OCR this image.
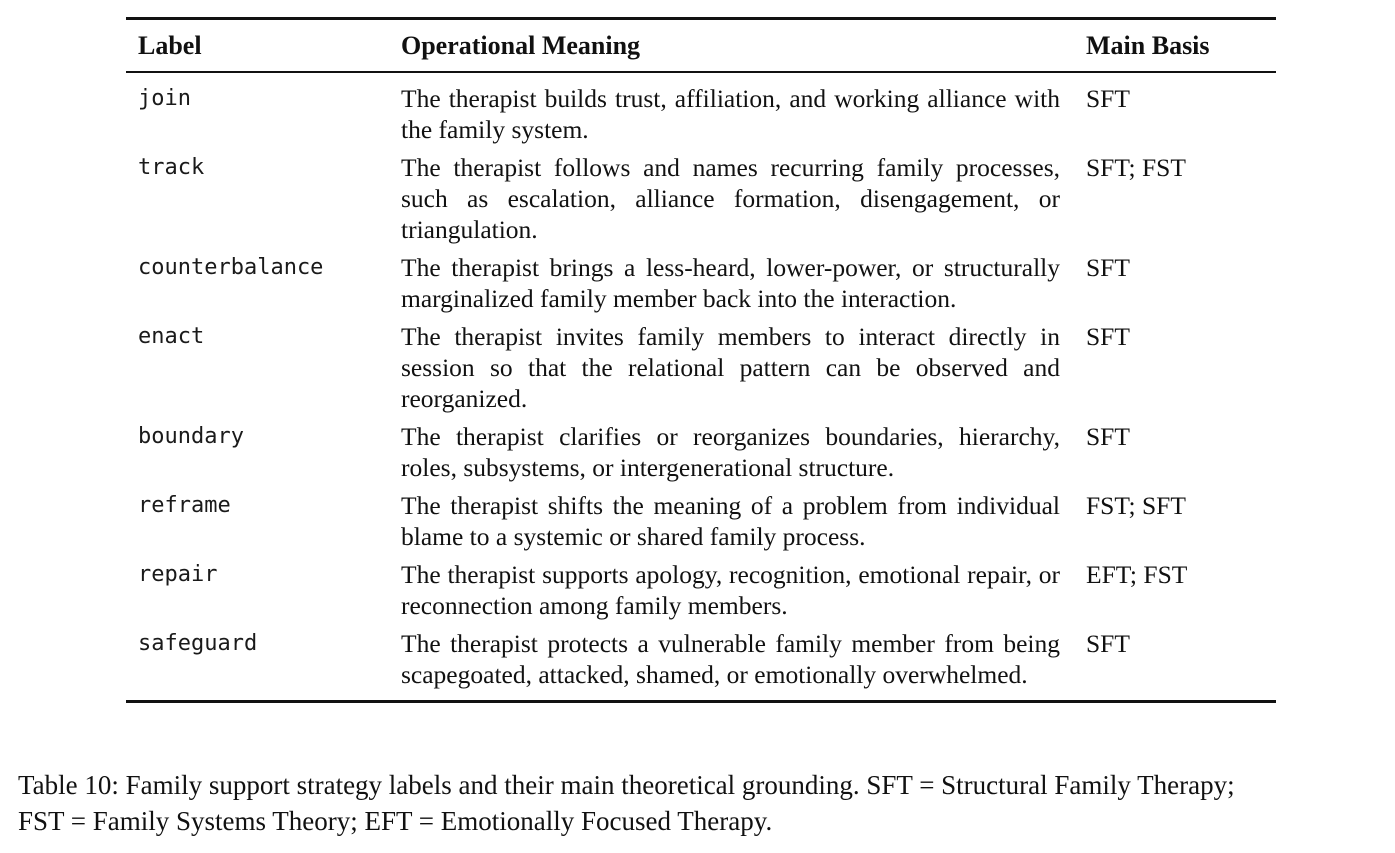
Label	Operational Meaning	Main Basis
join	The therapist builds trust, affiliation, and working alliance with the family system.	SFT
track	The therapist follows and names recurring family processes, such as escalation, alliance formation, disengagement, or triangulation.	SFT; FST
counterbalance	The therapist brings a less-heard, lower-power, or structurally marginalized family member back into the interaction.	SFT
enact	The therapist invites family members to interact directly in session so that the relational pattern can be observed and reorganized.	SFT
boundary	The therapist clarifies or reorganizes boundaries, hierarchy, roles, subsystems, or intergenerational structure.	SFT
reframe	The therapist shifts the meaning of a problem from individual blame to a systemic or shared family process.	FST; SFT
repair	The therapist supports apology, recognition, emotional repair, or reconnection among family members.	EFT; FST
safeguard	The therapist protects a vulnerable family member from being scapegoated, attacked, shamed, or emotionally overwhelmed.	SFT
Table 10: Family support strategy labels and their main theoretical grounding. SFT = Structural Family Therapy;
FST = Family Systems Theory; EFT = Emotionally Focused Therapy.
